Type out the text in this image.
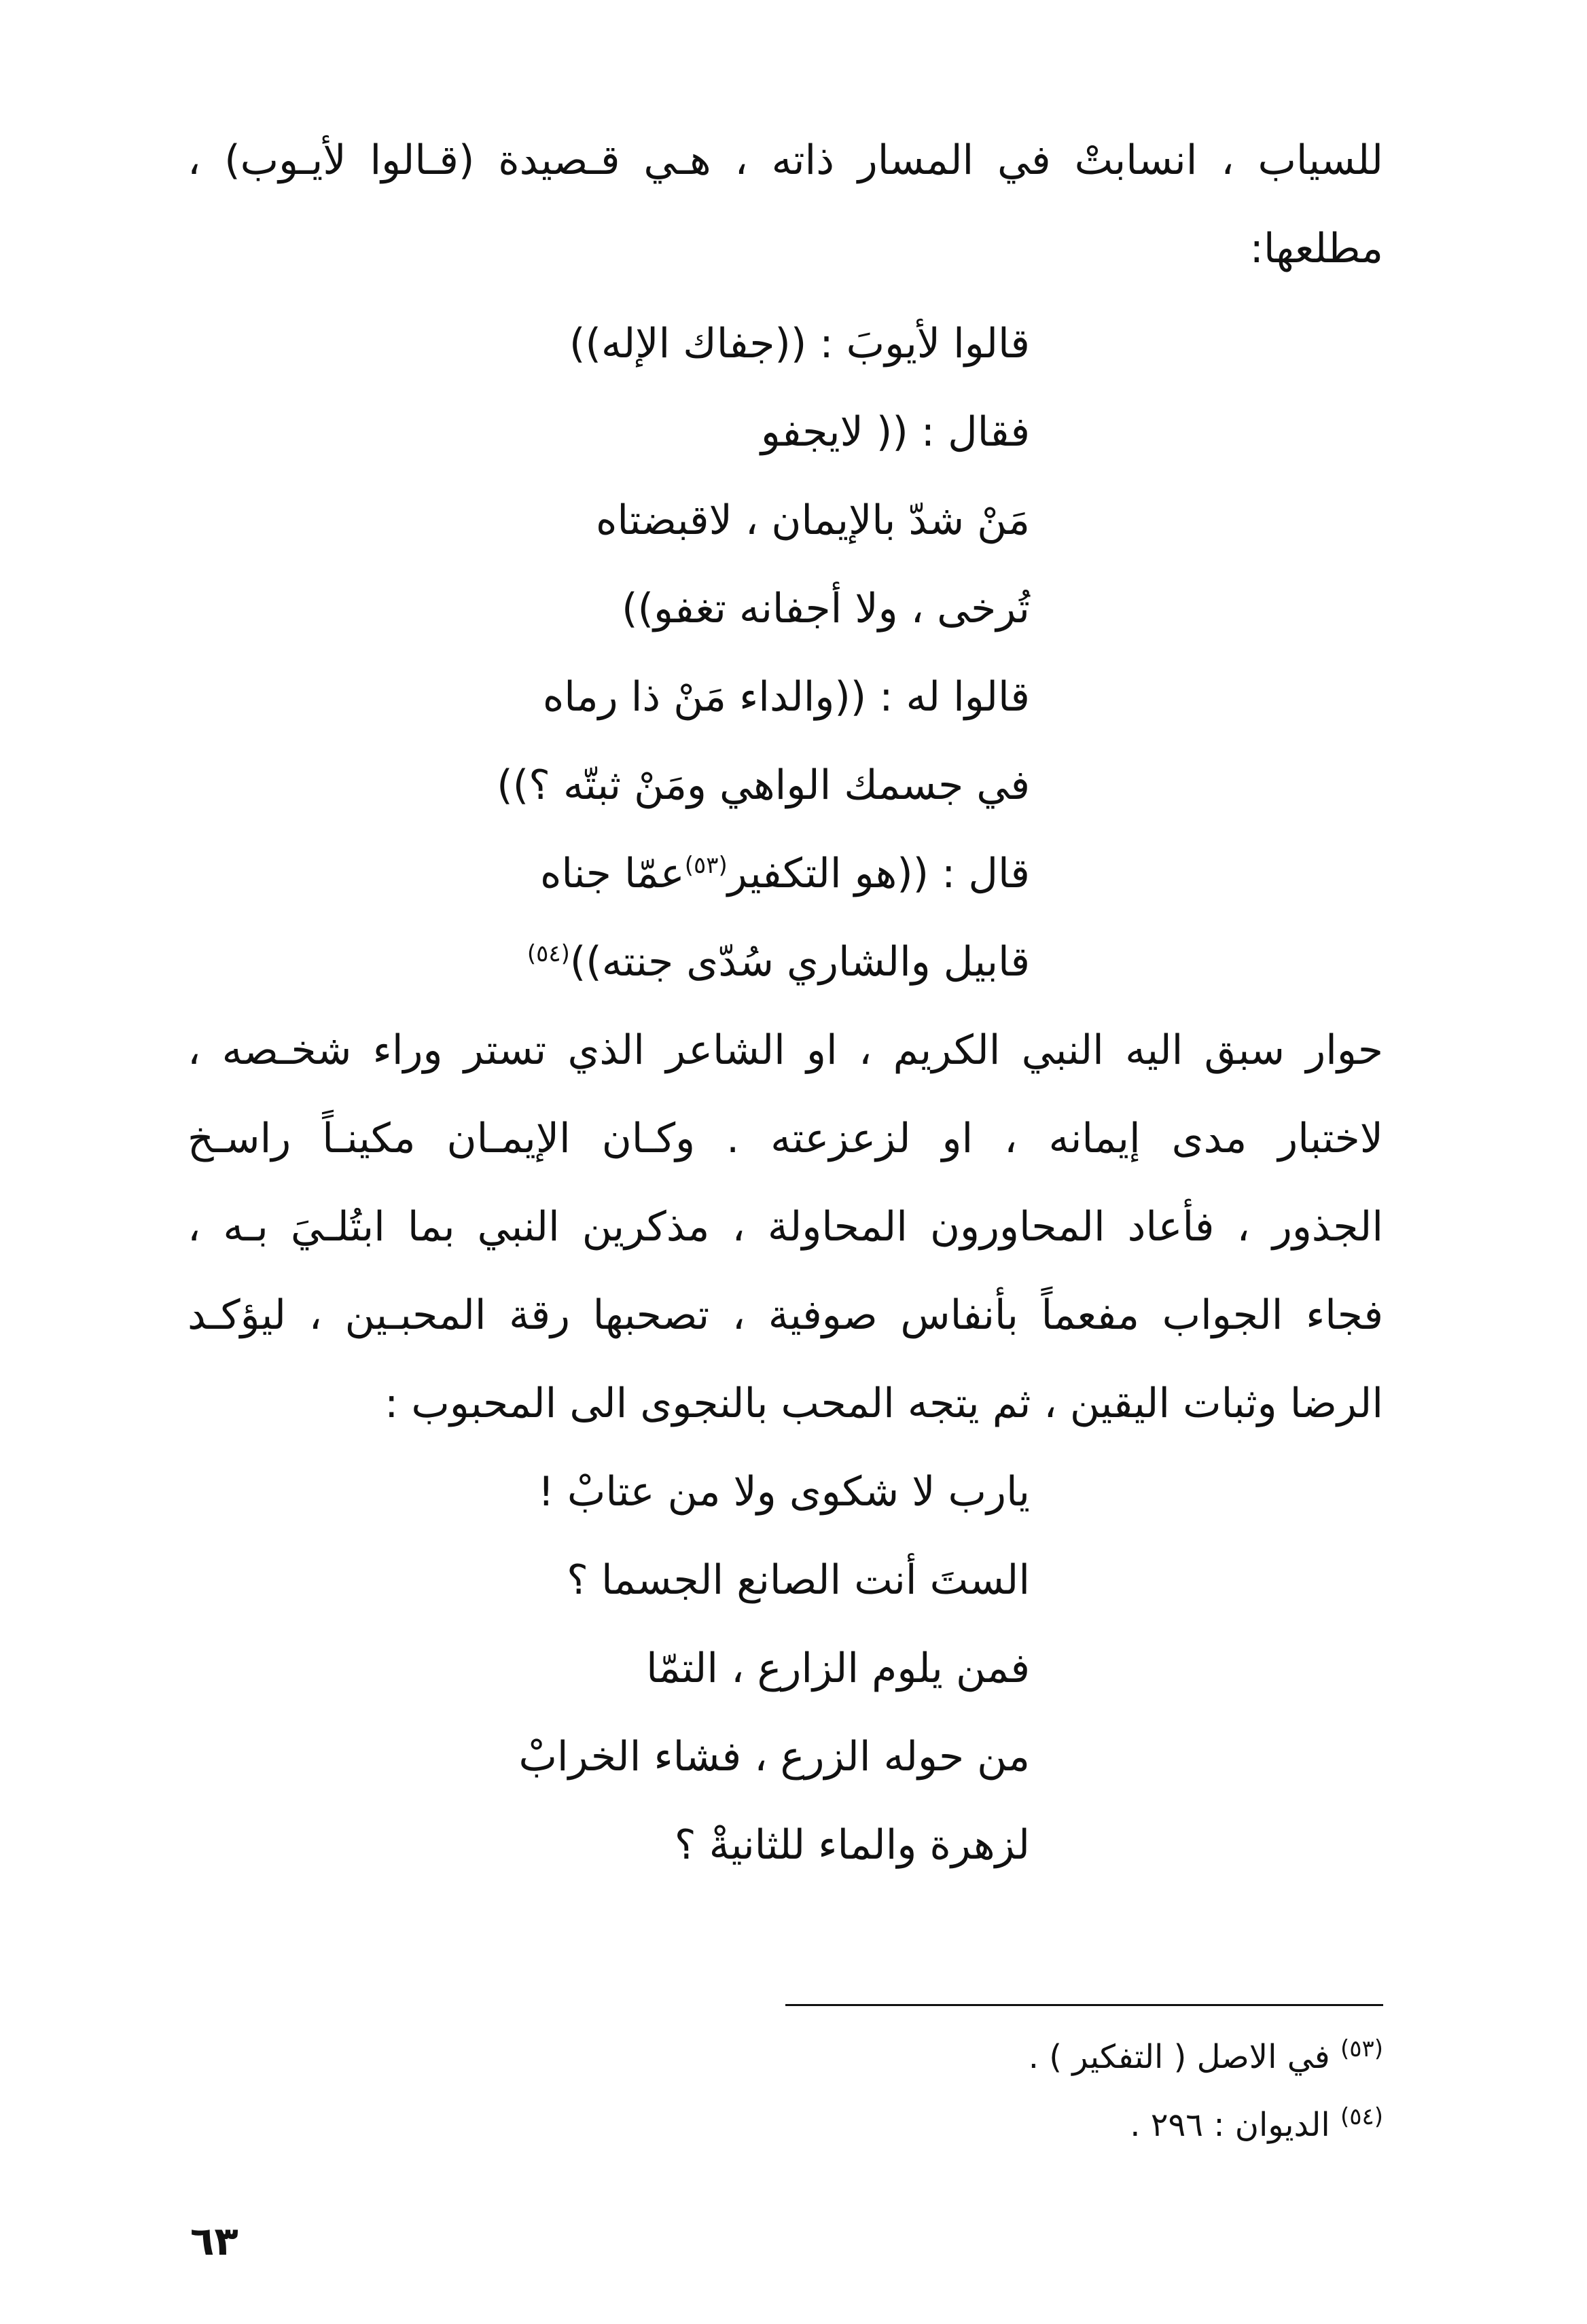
للسياب ، انسابتْ في المسار ذاته ، هـي قـصيدة (قـالوا لأيـوب) ،
مطلعها:
قالوا لأيوبَ : ((جفاك الإله))
فقال : (( لايجفو
مَنْ شدّ بالإيمان ، لاقبضتاه
تُرخى ، ولا أجفانه تغفو))
قالوا له : ((والداء مَنْ ذا رماه
في جسمك الواهي ومَنْ ثبتّه ؟))
قال : ((هو التكفير$^{(٥٣)}$عمّا جناه
قابيل والشاري سُدّى جنته))$^{(٥٤)}$
حوار سبق اليه النبي الكريم ، او الشاعر الذي تستر وراء شخـصه ،
لاختبار مدى إيمانه ، او لزعزعته . وكـان الإيمـان مكينـاً راسـخ
الجذور ، فأعاد المحاورون المحاولة ، مذكرين النبي بما ابتُلـيَ بـه ،
فجاء الجواب مفعماً بأنفاس صوفية ، تصحبها رقة المحبـين ، ليؤكـد
الرضا وثبات اليقين ، ثم يتجه المحب بالنجوى الى المحبوب :
يارب لا شكوى ولا من عتابْ !
الستَ أنت الصانع الجسما ؟
فمن يلوم الزارع ، التمّا
من حوله الزرع ، فشاء الخرابْ
لزهرة والماء للثانيةْ ؟
$^{(٥٣)}$ في الاصل ( التفكير ) .
$^{(٥٤)}$ الديوان : ٢٩٦ .
٦٣
